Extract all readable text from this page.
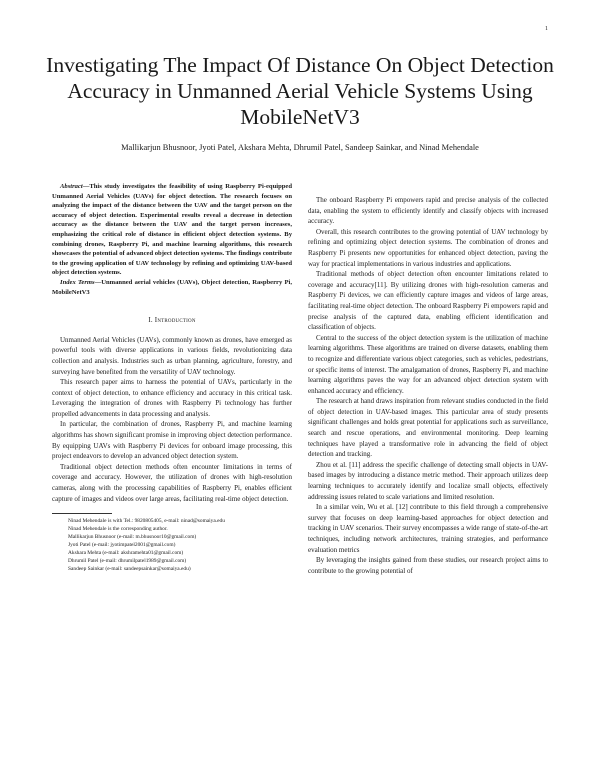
1
Investigating The Impact Of Distance On Object Detection Accuracy in Unmanned Aerial Vehicle Systems Using MobileNetV3
Mallikarjun Bhusnoor, Jyoti Patel, Akshara Mehta, Dhrumil Patel, Sandeep Sainkar, and Ninad Mehendale

Abstract—This study investigates the feasibility of using Raspberry Pi-equipped Unmanned Aerial Vehicles (UAVs) for object detection. The research focuses on analyzing the impact of the distance between the UAV and the target person on the accuracy of object detection. Experimental results reveal a decrease in detection accuracy as the distance between the UAV and the target person increases, emphasizing the critical role of distance in efficient object detection systems. By combining drones, Raspberry Pi, and machine learning algorithms, this research showcases the potential of advanced object detection systems. The findings contribute to the growing application of UAV technology by refining and optimizing UAV-based object detection systems.

Index Terms—Unmanned aerial vehicles (UAVs), Object detection, Raspberry Pi, MobileNetV3

I. Introduction

Unmanned Aerial Vehicles (UAVs), commonly known as drones, have emerged as powerful tools with diverse applications in various fields, revolutionizing data collection and analysis. Industries such as urban planning, agriculture, forestry, and surveying have benefited from the versatility of UAV technology.

This research paper aims to harness the potential of UAVs, particularly in the context of object detection, to enhance efficiency and accuracy in this critical task. Leveraging the integration of drones with Raspberry Pi technology has further propelled advancements in data processing and analysis.

In particular, the combination of drones, Raspberry Pi, and machine learning algorithms has shown significant promise in improving object detection performance. By equipping UAVs with Raspberry Pi devices for onboard image processing, this project endeavors to develop an advanced object detection system.

Traditional object detection methods often encounter limitations in terms of coverage and accuracy. However, the utilization of drones with high-resolution cameras, along with the processing capabilities of Raspberry Pi, enables efficient capture of images and videos over large areas, facilitating real-time object detection.

Ninad Mehendale is with Tel.: 9820805405, e-mail: ninad@somaiya.edu

Ninad Mehendale is the corresponding author.

Mallikarjun Bhusnoor (e-mail: m.bhusnoor10@gmail.com)

Jyoti Patel (e-mail: jyotimpatel2001@gmail.com)

Akshara Mehta (e-mail: akshramehta01@gmail.com)

Dhrumil Patel (e-mail: dhrumilpatel1989@gmail.com)

Sandeep Sainkar (e-mail: sandeepsainkar@somaiya.edu)

The onboard Raspberry Pi empowers rapid and precise analysis of the collected data, enabling the system to efficiently identify and classify objects with increased accuracy.

Overall, this research contributes to the growing potential of UAV technology by refining and optimizing object detection systems. The combination of drones and Raspberry Pi presents new opportunities for enhanced object detection, paving the way for practical implementations in various industries and applications.

Traditional methods of object detection often encounter limitations related to coverage and accuracy[11]. By utilizing drones with high-resolution cameras and Raspberry Pi devices, we can efficiently capture images and videos of large areas, facilitating real-time object detection. The onboard Raspberry Pi empowers rapid and precise analysis of the captured data, enabling efficient identification and classification of objects.

Central to the success of the object detection system is the utilization of machine learning algorithms. These algorithms are trained on diverse datasets, enabling them to recognize and differentiate various object categories, such as vehicles, pedestrians, or specific items of interest. The amalgamation of drones, Raspberry Pi, and machine learning algorithms paves the way for an advanced object detection system with enhanced accuracy and efficiency.

The research at hand draws inspiration from relevant studies conducted in the field of object detection in UAV-based images. This particular area of study presents significant challenges and holds great potential for applications such as surveillance, search and rescue operations, and environmental monitoring. Deep learning techniques have played a transformative role in advancing the field of object detection and tracking.

Zhou et al. [11] address the specific challenge of detecting small objects in UAV-based images by introducing a distance metric method. Their approach utilizes deep learning techniques to accurately identify and localize small objects, effectively addressing issues related to scale variations and limited resolution.

In a similar vein, Wu et al. [12] contribute to this field through a comprehensive survey that focuses on deep learning-based approaches for object detection and tracking in UAV scenarios. Their survey encompasses a wide range of state-of-the-art techniques, including network architectures, training strategies, and performance evaluation metrics

By leveraging the insights gained from these studies, our research project aims to contribute to the growing potential of
